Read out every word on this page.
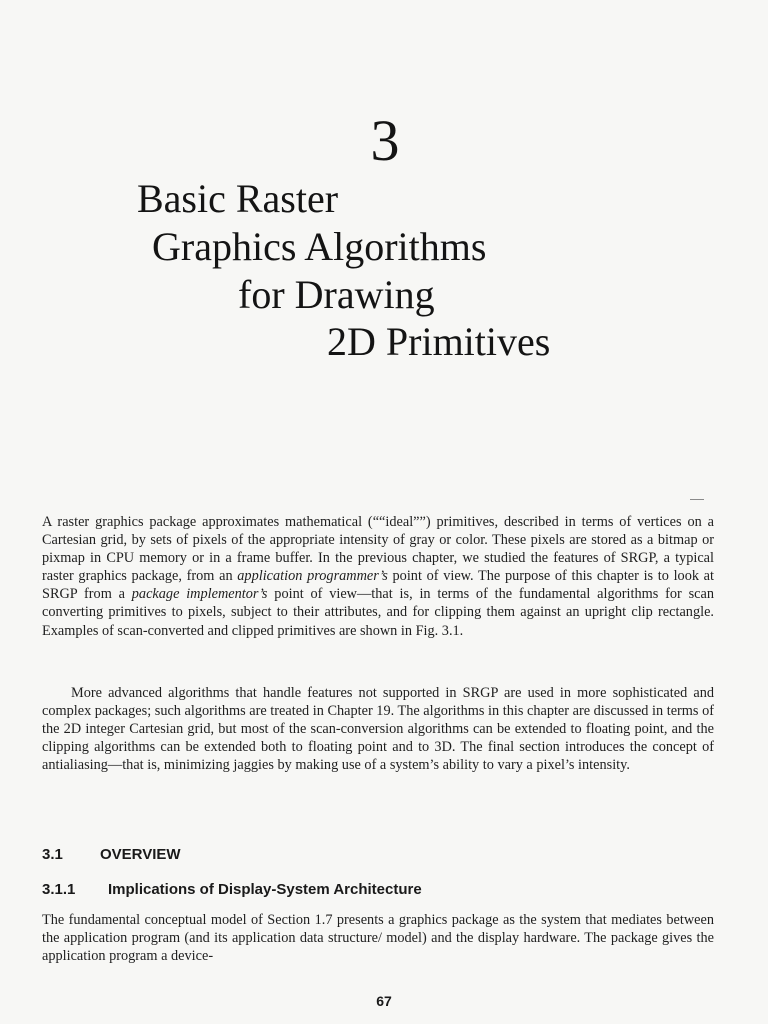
3
Basic Raster
Graphics Algorithms
for Drawing
2D Primitives

A raster graphics package approximates mathematical (““ideal””) primitives, described in terms of vertices on a Cartesian grid, by sets of pixels of the appropriate intensity of gray or color. These pixels are stored as a bitmap or pixmap in CPU memory or in a frame buffer. In the previous chapter, we studied the features of SRGP, a typical raster graphics package, from an application programmer’s point of view. The purpose of this chapter is to look at SRGP from a package implementor’s point of view—that is, in terms of the fundamental algorithms for scan converting primitives to pixels, subject to their attributes, and for clipping them against an upright clip rectangle. Examples of scan-converted and clipped primitives are shown in Fig. 3.1.

More advanced algorithms that handle features not supported in SRGP are used in more sophisticated and complex packages; such algorithms are treated in Chapter 19. The algorithms in this chapter are discussed in terms of the 2D integer Cartesian grid, but most of the scan-conversion algorithms can be extended to floating point, and the clipping algorithms can be extended both to floating point and to 3D. The final section introduces the concept of antialiasing—that is, minimizing jaggies by making use of a system’s ability to vary a pixel’s intensity.

3.1 OVERVIEW
3.1.1 Implications of Display-System Architecture

The fundamental conceptual model of Section 1.7 presents a graphics package as the system that mediates between the application program (and its application data structure/ model) and the display hardware. The package gives the application program a device-

67
